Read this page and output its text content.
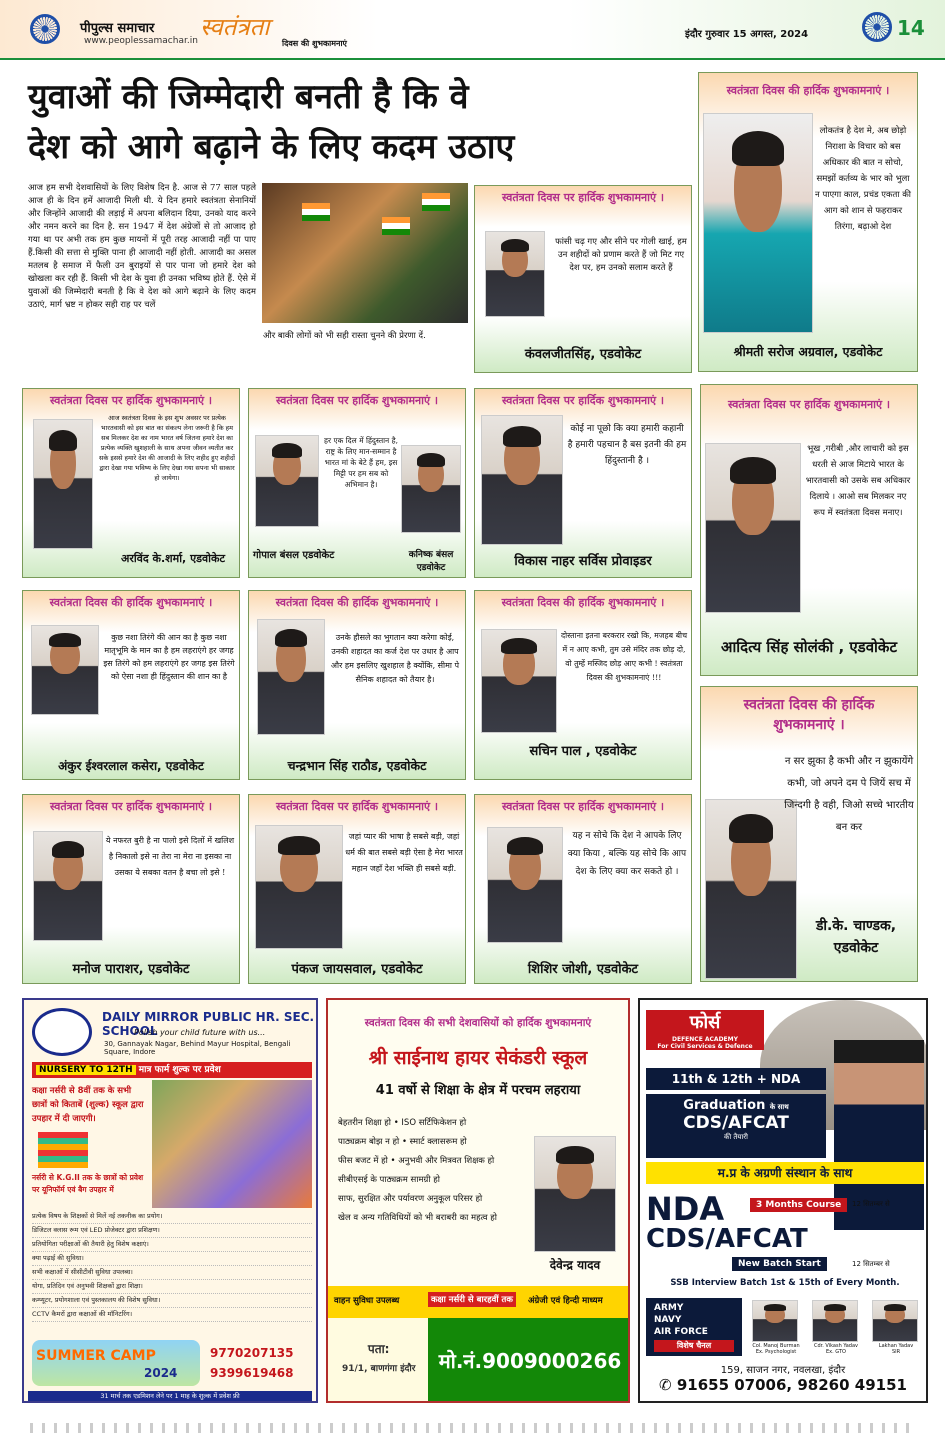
पीपुल्स समाचार
www.peoplessamachar.in स्वतंत्रता
दिवस की शुभकामनाएं
इंदौर गुरुवार 15 अगस्त, 2024	14
युवाओं की जिम्मेदारी बनती है कि वे
देश को आगे बढ़ाने के लिए कदम उठाए
आज हम सभी देशवासियों के लिए विशेष दिन है. आज से 77 साल पहले आज ही के दिन हमें आजादी मिली थी. ये दिन हमारे स्वतंत्रता सेनानियों और जिन्होंने आजादी की लड़ाई में अपना बलिदान दिया, उनको याद करने और नमन करने का दिन है. सन 1947 में देश अंग्रेजों से तो आजाद हो गया था पर अभी तक हम कुछ मायनों में पूरी तरह आजादी नहीं पा पाए हैं.किसी की सत्ता से मुक्ति पाना ही आजादी नहीं होती. आजादी का असल मतलब है समाज में फैली उन बुराइयों से पार पाना जो हमारे देश को खोखला कर रही हैं. किसी भी देश के युवा ही उनका भविष्य होते हैं. ऐसे में युवाओं की जिम्मेदारी बनती है कि वे देश को आगे बढ़ाने के लिए कदम उठाएं, मार्ग भ्रष्ट न होकर सही राह पर चलें
और बाकी लोगों को भी सही रास्ता चुनने की प्रेरणा दें.
स्वतंत्रता दिवस पर हार्दिक शुभकामनाएं ।
फांसी चढ़ गए और सीने पर गोली खाई, हम उन शहीदों को प्रणाम करते हैं जो मिट गए देश पर, हम उनको सलाम करते हैं
कंवलजीतसिंह, एडवोकेट
स्वतंत्रता दिवस की हार्दिक शुभकामनाएं ।
लोकतंत्र है देश मे, अब छोड़ो निराशा के विचार को बस अधिकार की बात न सोचो, समझों कर्तव्य के भार को भुला न पाएगा काल, प्रचंड एकता की आग को शान से फहराकर तिरंगा, बढ़ाओ देश
श्रीमती सरोज अग्रवाल, एडवोकेट
स्वतंत्रता दिवस पर हार्दिक शुभकामनाएं ।
आज स्वतंत्रता दिवस के इस शुभ अवसर पर प्रत्येक भारतवासी को इस बात का संकल्प लेना जरूरी है कि हम सब मिलकर देश का नाम भारत वर्ष जितना हमारे देश का प्रत्येक व्यक्ति खुशहाली के साथ अपना जीवन व्यतीत कर सके इससे हमारे देश की आजादी के लिए शहीद हुए शहीदों द्वारा देखा गया भविष्य के लिए देखा गया सपना भी साकार हो जायेगा।
अरविंद के.शर्मा, एडवोकेट
स्वतंत्रता दिवस पर हार्दिक शुभकामनाएं ।
हर एक दिल में हिंदुस्तान है, राष्ट्र के लिए मान-सम्मान है भारत मां के बेटे हैं हम, इस मिट्टी पर हम सब को अभिमान है।
गोपाल बंसल एडवोकेट	कनिष्क बंसल एडवोकेट
स्वतंत्रता दिवस पर हार्दिक शुभकामनाएं ।
कोई ना पूछो कि क्या हमारी कहानी है हमारी पहचान है बस इतनी की हम हिंदुस्तानी है ।
विकास नाहर सर्विस प्रोवाइडर
स्वतंत्रता दिवस पर हार्दिक शुभकामनाएं ।
भूख ,गरीबी ,और लाचारी को इस धरती से आज मिटाये भारत के भारतवासी को उसके सब अधिकार दिलाये । आओ सब मिलकर नए रूप में स्वतंत्रता दिवस मनाए।
आदित्य सिंह सोलंकी , एडवोकेट
स्वतंत्रता दिवस की हार्दिक शुभकामनाएं ।
कुछ नशा तिरंगे की आन का है कुछ नशा मातृभूमि के मान का है हम लहराएंगे हर जगह इस तिरंगे को हम लहराएंगे हर जगह इस तिरंगे को ऐसा नशा ही हिंदुस्तान की शान का है
अंकुर ईश्वरलाल कसेरा, एडवोकेट
स्वतंत्रता दिवस की हार्दिक शुभकामनाएं ।
उनके हौसले का भुगतान क्या करेगा कोई, उनकी शहादत का कर्ज देश पर उधार है आप और हम इसलिए खुशहाल है क्योंकि, सीमा पे सैनिक शहादत को तैयार है।
चन्द्रभान सिंह राठौड, एडवोकेट
स्वतंत्रता दिवस की हार्दिक शुभकामनाएं ।
दोस्ताना इतना बरकरार रखो कि, मजहब बीच में न आए कभी, तुम उसे मंदिर तक छोड़ दो, वो तुम्हें मस्जिद छोड़ आए कभी ! स्वतंत्रता दिवस की शुभकामनाएं !!!
सचिन पाल , एडवोकेट
स्वतंत्रता दिवस की हार्दिक शुभकामनाएं ।
न सर झुका है कभी और न झुकायेंगे कभी, जो अपने दम पे जियें सच में जिन्दगी है वही, जिओ सच्चे भारतीय बन कर
डी.के. चाण्डक, एडवोकेट
स्वतंत्रता दिवस पर हार्दिक शुभकामनाएं ।
ये नफरत बुरी है ना पालो इसे दिलों में खलिश है निकालो इसे ना तेरा ना मेरा ना इसका ना उसका ये सबका वतन है बचा लो इसे !
मनोज पाराशर, एडवोकेट
स्वतंत्रता दिवस पर हार्दिक शुभकामनाएं ।
जहां प्यार की भाषा है सबसे बड़ी, जहां धर्म की बात सबसे बड़ी ऐसा है मेरा भारत महान जहाँ देश भक्ति ही सबसे बड़ी.
पंकज जायसवाल, एडवोकेट
स्वतंत्रता दिवस पर हार्दिक शुभकामनाएं ।
यह न सोचे कि देश ने आपके लिए क्या किया , बल्कि यह सोचे कि आप देश के लिए क्या कर सकते हो ।
शिशिर जोशी, एडवोकेट
DAILY MIRROR PUBLIC HR. SEC. SCHOOL
Polish your child future with us...
30, Gannayak Nagar, Behind Mayur Hospital, Bengali Square, Indore
NURSERY TO 12TH मात्र फार्म शुल्क पर प्रवेश
कक्षा नर्सरी से 8वीं तक के सभी छात्रों को किताबें (शुल्क) स्कूल द्वारा उपहार में दी जाएगी।
नर्सरी से K.G.II तक के छात्रों को प्रवेश पर यूनिफॉर्म एवं बैग उपहार में
प्रत्येक विषय के शिक्षकों से मिलें नई तकनीक का प्रयोग।
डिजिटल क्लास रूम एवं LED प्रोजेक्टर द्वारा प्रशिक्षण।
प्रतियोगिता परीक्षाओं की तैयारी हेतु विशेष कक्षाएं।
क्या पढ़ाई की सुविधा।
सभी कक्षाओं में सीसीटीवी सुविधा उपलब्ध।
योगा, प्रतिदिन एवं अनुभवी शिक्षकों द्वारा शिक्षा।
कम्प्यूटर, प्रयोगशाला एवं पुस्तकालय की विशेष सुविधा।
CCTV कैमरों द्वारा कक्षाओं की मॉनिटरिंग।
SUMMER CAMP
2024
9770207135
9399619468
31 मार्च तक एडमिशन लेने पर 1 माह के शुल्क में प्रवेश फ्री
स्वतंत्रता दिवस की सभी देशवासियों को हार्दिक शुभकामनाएं
श्री साईनाथ हायर सेकंडरी स्कूल
41 वर्षो से शिक्षा के क्षेत्र में परचम लहराया
बेहतरीन शिक्षा हो • ISO सर्टिफिकेशन हो
पाठ्यक्रम बोझ न हो • स्मार्ट क्लासरूम हो
फीस बजट में हो • अनुभवी और मित्रवत शिक्षक हो
सीबीएसई के पाठ्यक्रम सामग्री हो
साफ, सुरक्षित और पर्यावरण अनुकूल परिसर हो
खेल व अन्य गतिविधियों को भी बराबरी का महत्व हो
देवेन्द्र यादव
वाहन सुविधा उपलब्ध	कक्षा नर्सरी से बारहवीं तक	अंग्रेजी एवं हिन्दी माध्यम
पता:
91/1, बाणगंगा इंदौर	मो.नं.9009000266
फोर्स
DEFENCE ACADEMY
For Civil Services & Defence Exams...
11th & 12th + NDA
Graduation के साथ
CDS/AFCAT
की तैयारी
म.प्र के अग्रणी संस्थान के साथ
NDA	3 Months Course	12 सितम्बर से
CDS/AFCAT
New Batch Start	12 सितम्बर से
SSB Interview Batch 1st & 15th of Every Month.
ARMY
NAVY
AIR FORCE
विशेष चैनल	Col. Manoj Burman
Ex. Psychologist
Cdr. Vikash Yadav
Ex. GTO
Lakhan Yadav
SIR
159, साजन नगर, नवलखा, इंदौर
✆ 91655 07006, 98260 49151
